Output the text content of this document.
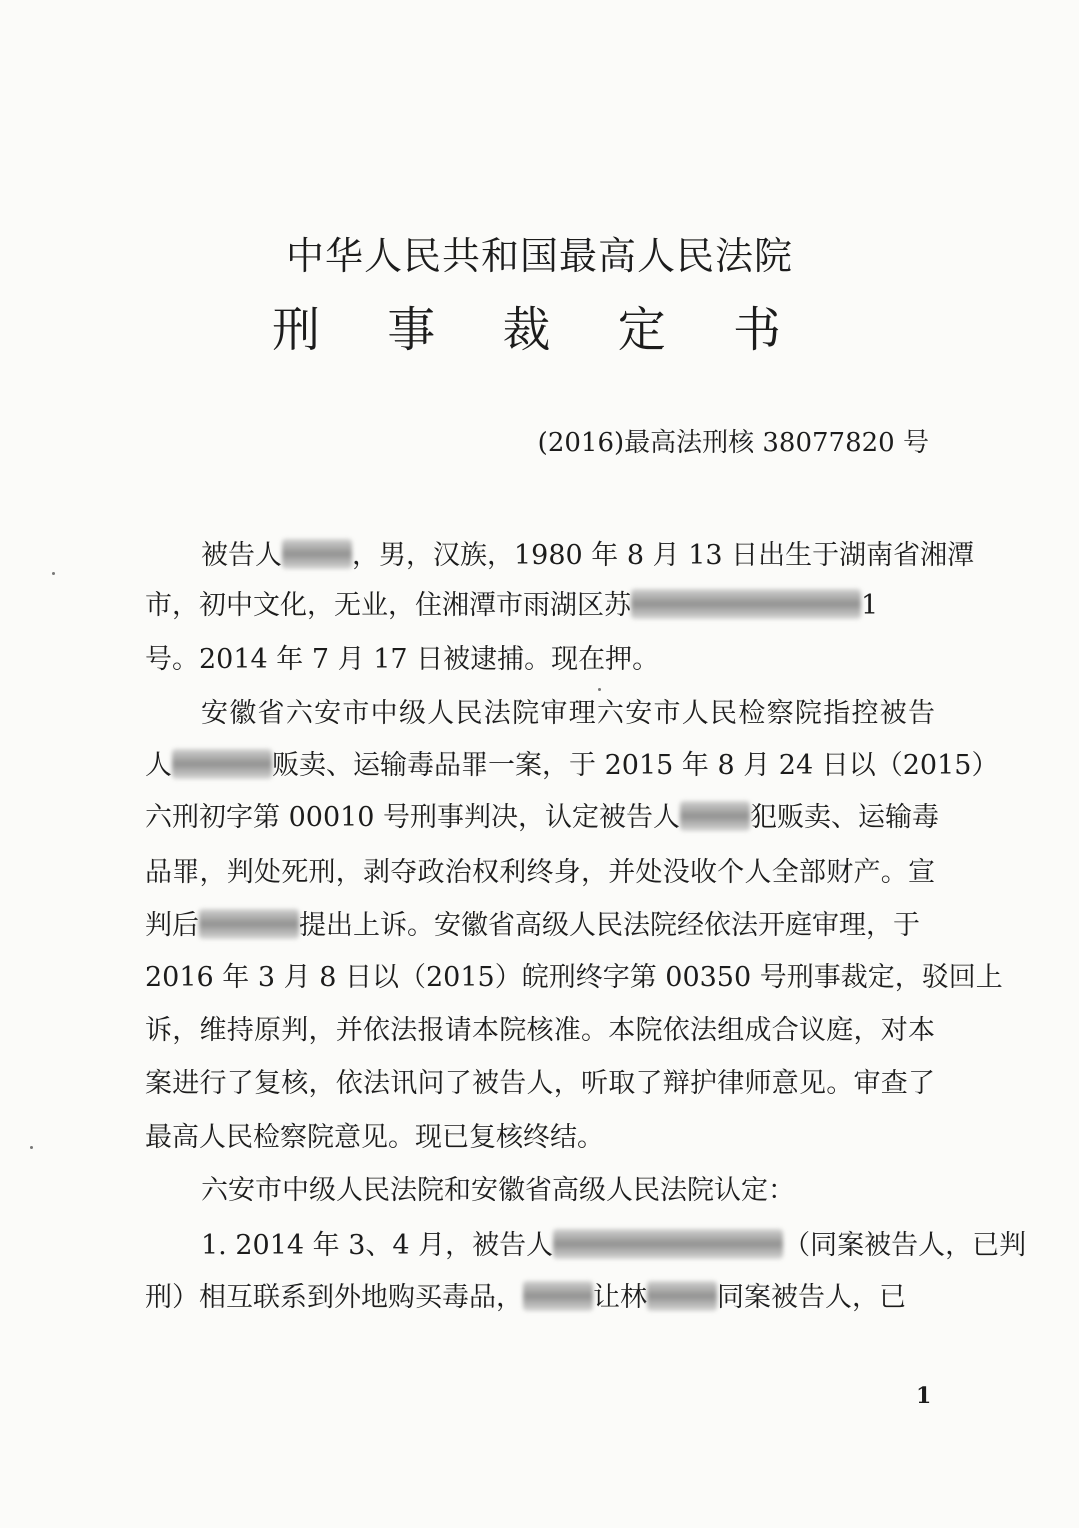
中华人民共和国最高人民法院
刑 事 裁 定 书
(2016)最高法刑核 38077820 号
被告人	，男，汉族，1980 年 8 月 13 日出生于湖南省湘潭
市，初中文化，无业，住湘潭市雨湖区苏	1
号。2014 年 7 月 17 日被逮捕。现在押。
安徽省六安市中级人民法院审理六安市人民检察院指控被告
人	贩卖、运输毒品罪一案，于 2015 年 8 月 24 日以（2015）
六刑初字第 00010 号刑事判决，认定被告人	犯贩卖、运输毒
品罪，判处死刑，剥夺政治权利终身，并处没收个人全部财产。宣
判后	提出上诉。安徽省高级人民法院经依法开庭审理，于
2016 年 3 月 8 日以（2015）皖刑终字第 00350 号刑事裁定，驳回上
诉，维持原判，并依法报请本院核准。本院依法组成合议庭，对本
案进行了复核，依法讯问了被告人，听取了辩护律师意见。审查了
最高人民检察院意见。现已复核终结。
六安市中级人民法院和安徽省高级人民法院认定：
1. 2014 年 3、4 月，被告人	（同案被告人，已判
刑）相互联系到外地购买毒品，	让林	同案被告人，已
1
